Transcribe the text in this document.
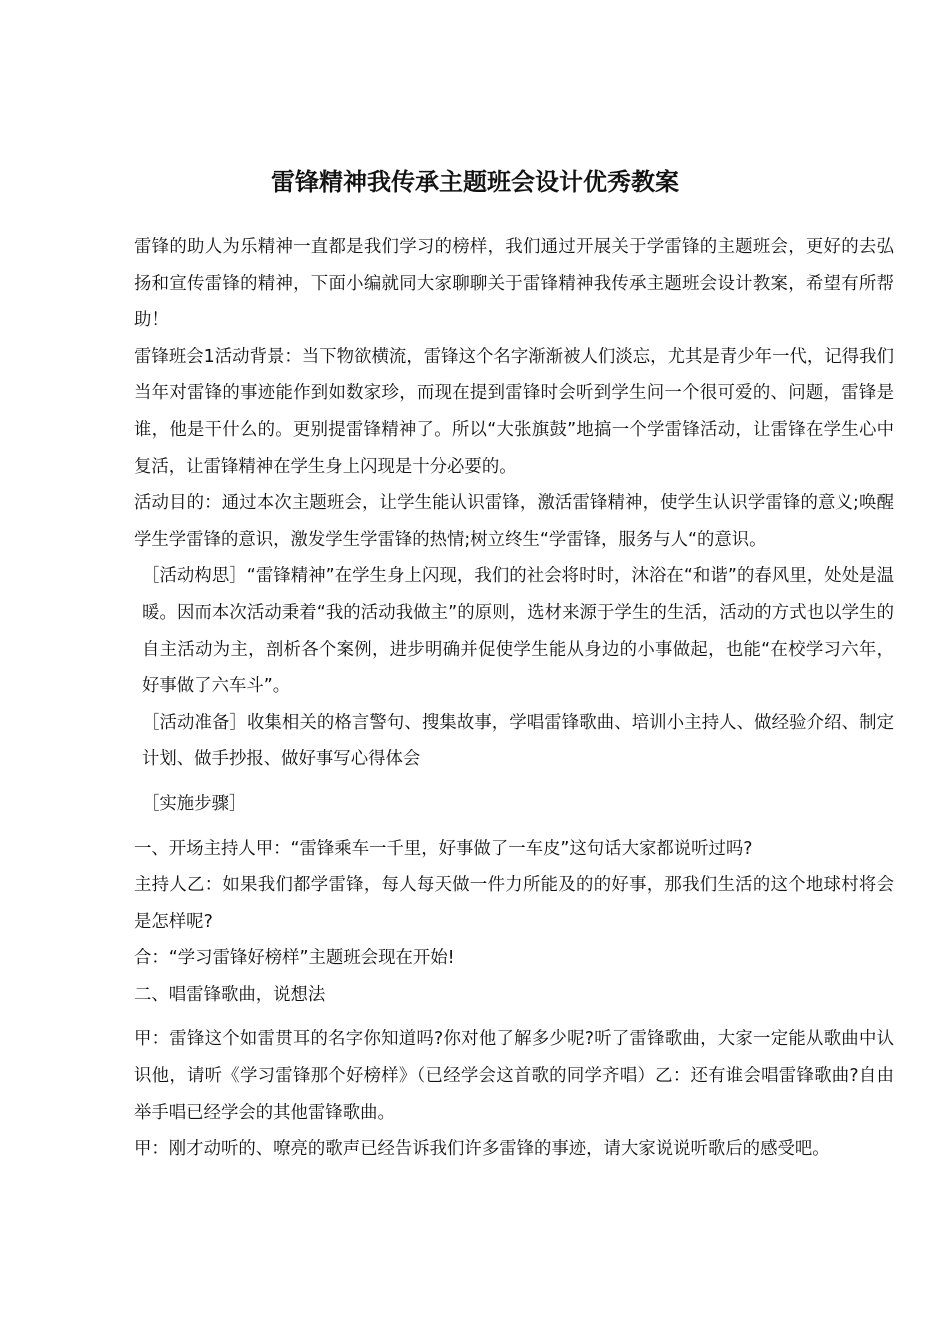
雷锋精神我传承主题班会设计优秀教案

雷锋的助人为乐精神一直都是我们学习的榜样，我们通过开展关于学雷锋的主题班会，更好的去弘扬和宣传雷锋的精神，下面小编就同大家聊聊关于雷锋精神我传承主题班会设计教案，希望有所帮助！

雷锋班会1活动背景：当下物欲横流，雷锋这个名字渐渐被人们淡忘，尤其是青少年一代，记得我们当年对雷锋的事迹能作到如数家珍，而现在提到雷锋时会听到学生问一个很可爱的、问题，雷锋是谁，他是干什么的。更别提雷锋精神了。所以“大张旗鼓”地搞一个学雷锋活动，让雷锋在学生心中复活，让雷锋精神在学生身上闪现是十分必要的。

活动目的：通过本次主题班会，让学生能认识雷锋，激活雷锋精神，使学生认识学雷锋的意义;唤醒学生学雷锋的意识，激发学生学雷锋的热情;树立终生“学雷锋，服务与人“的意识。

［活动构思］“雷锋精神”在学生身上闪现，我们的社会将时时，沐浴在“和谐”的春风里，处处是温暖。因而本次活动秉着“我的活动我做主”的原则，选材来源于学生的生活，活动的方式也以学生的自主活动为主，剖析各个案例，进步明确并促使学生能从身边的小事做起，也能“在校学习六年，好事做了六车斗”。

［活动准备］收集相关的格言警句、搜集故事，学唱雷锋歌曲、培训小主持人、做经验介绍、制定计划、做手抄报、做好事写心得体会

［实施步骤］

一、开场主持人甲：“雷锋乘车一千里，好事做了一车皮”这句话大家都说听过吗?

主持人乙：如果我们都学雷锋，每人每天做一件力所能及的的好事，那我们生活的这个地球村将会是怎样呢?

合：“学习雷锋好榜样”主题班会现在开始!

二、唱雷锋歌曲，说想法

甲：雷锋这个如雷贯耳的名字你知道吗?你对他了解多少呢?听了雷锋歌曲，大家一定能从歌曲中认识他，请听《学习雷锋那个好榜样》（已经学会这首歌的同学齐唱）乙：还有谁会唱雷锋歌曲?自由举手唱已经学会的其他雷锋歌曲。

甲：刚才动听的、嘹亮的歌声已经告诉我们许多雷锋的事迹，请大家说说听歌后的感受吧。
